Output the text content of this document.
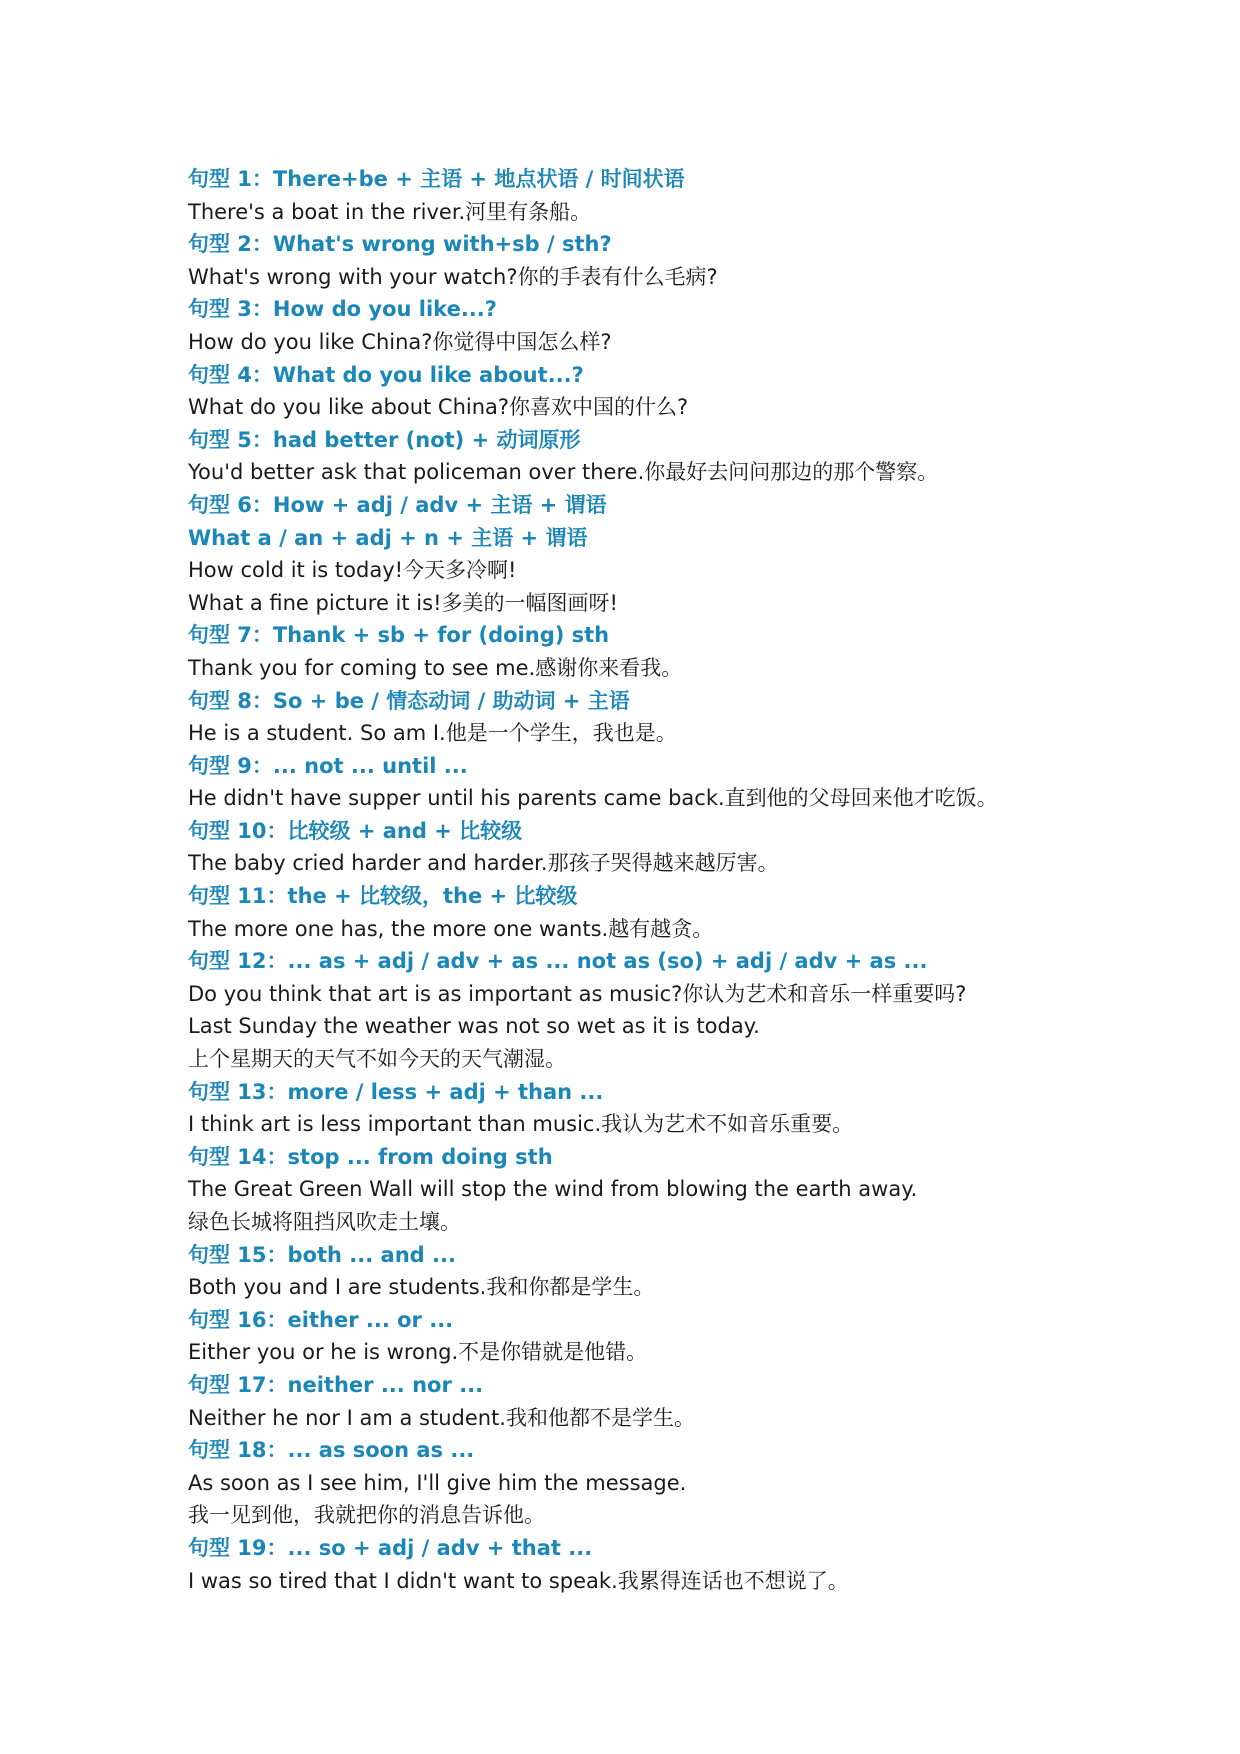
句型 1：There+be + 主语 + 地点状语 / 时间状语
There's a boat in the river.河里有条船。
句型 2：What's wrong with+sb / sth?
What's wrong with your watch?你的手表有什么毛病?
句型 3：How do you like...?
How do you like China?你觉得中国怎么样?
句型 4：What do you like about...?
What do you like about China?你喜欢中国的什么?
句型 5：had better (not) + 动词原形
You'd better ask that policeman over there.你最好去问问那边的那个警察。
句型 6：How + adj / adv + 主语 + 谓语
What a / an + adj + n + 主语 + 谓语
How cold it is today!今天多冷啊!
What a fine picture it is!多美的一幅图画呀!
句型 7：Thank + sb + for (doing) sth
Thank you for coming to see me.感谢你来看我。
句型 8：So + be / 情态动词 / 助动词 + 主语
He is a student. So am I.他是一个学生，我也是。
句型 9：... not ... until ...
He didn't have supper until his parents came back.直到他的父母回来他才吃饭。
句型 10：比较级 + and + 比较级
The baby cried harder and harder.那孩子哭得越来越厉害。
句型 11：the + 比较级，the + 比较级
The more one has, the more one wants.越有越贪。
句型 12：... as + adj / adv + as ... not as (so) + adj / adv + as ...
Do you think that art is as important as music?你认为艺术和音乐一样重要吗?
Last Sunday the weather was not so wet as it is today.
上个星期天的天气不如今天的天气潮湿。
句型 13：more / less + adj + than ...
I think art is less important than music.我认为艺术不如音乐重要。
句型 14：stop ... from doing sth
The Great Green Wall will stop the wind from blowing the earth away.
绿色长城将阻挡风吹走土壤。
句型 15：both ... and ...
Both you and I are students.我和你都是学生。
句型 16：either ... or ...
Either you or he is wrong.不是你错就是他错。
句型 17：neither ... nor ...
Neither he nor I am a student.我和他都不是学生。
句型 18：... as soon as ...
As soon as I see him, I'll give him the message.
我一见到他，我就把你的消息告诉他。
句型 19：... so + adj / adv + that ...
I was so tired that I didn't want to speak.我累得连话也不想说了。
